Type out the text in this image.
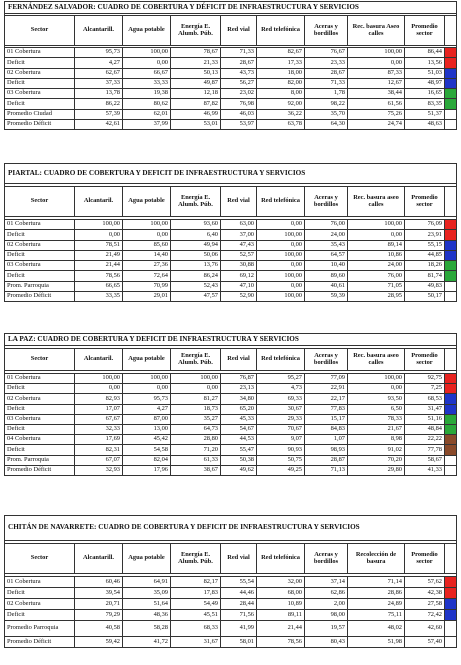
FERNÁNDEZ SALVADOR: CUADRO DE COBERTURA Y DÉFICIT DE INFRAESTRUCTURA Y SERVICIOS									

Sector	Alcantarill.	Agua potable	Energía E. Alumb. Púb.	Red vial	Red telefónica	Aceras y bordillos	Rec. basura Aseo calles	Promedio sector	

01 Cobertura	95,73	100,00	78,67	71,33	82,67	76,67	100,00	86,44	
Deficit	4,27	0,00	21,33	28,67	17,33	23,33	0,00	13,56	
02 Cobertura	62,67	66,67	50,13	43,73	18,00	28,67	87,33	51,03	
Deficit	37,33	33,33	49,87	56,27	82,00	71,33	12,67	48,97	
03 Cobertura	13,78	19,38	12,18	23,02	8,00	1,78	38,44	16,65	
Deficit	86,22	80,62	87,82	76,98	92,00	98,22	61,56	83,35	
Promedio Ciudad	57,39	62,01	46,99	46,03	36,22	35,70	75,26	51,37	
Promedio Déficit	42,61	37,99	53,01	53,97	63,78	64,30	24,74	48,63	
PIARTAL: CUADRO DE COBERTURA Y DEFICIT DE INFRAESTRUCTURA Y SERVICIOS									

Sector	Alcantaril.	Agua potable	Energía E. Alumb. Púb.	Red vial	Red telefónica	Aceras y bordillos	Rec. basura aseo calles	Promedio sector	

01 Cobertura	100,00	100,00	93,60	63,00	0,00	76,00	100,00	76,09	
Deficit	0,00	0,00	6,40	37,00	100,00	24,00	0,00	23,91	
02 Cobertura	78,51	85,60	49,94	47,43	0,00	35,43	89,14	55,15	
Deficit	21,49	14,40	50,06	52,57	100,00	64,57	10,86	44,85	
03 Cobertura	21,44	27,36	13,76	30,88	0,00	10,40	24,00	18,26	
Deficit	78,56	72,64	86,24	69,12	100,00	89,60	76,00	81,74	
Prom. Parroquia	66,65	70,99	52,43	47,10	0,00	40,61	71,05	49,83	
Promedio Déficit	33,35	29,01	47,57	52,90	100,00	59,39	28,95	50,17	
LA PAZ: CUADRO DE COBERTURA Y DEFICIT DE INFRAESTRUCTURA Y SERVICIOS									

Sector	Alcantaril.	Agua potable	Energía E. Alumb. Púb.	Red vial	Red telefónica	Aceras y bordillos	Rec. basura aseo calles	Promedio sector	

01 Cobertura	100,00	100,00	100,00	76,87	95,27	77,09	100,00	92,75	
Deficit	0,00	0,00	0,00	23,13	4,73	22,91	0,00	7,25	
02 Cobertura	82,93	95,73	81,27	34,80	69,33	22,17	93,50	68,53	
Deficit	17,07	4,27	18,73	65,20	30,67	77,83	6,50	31,47	
03 Cobertura	67,67	87,00	35,27	45,33	29,33	15,17	78,33	51,16	
Deficit	32,33	13,00	64,73	54,67	70,67	84,83	21,67	48,84	
04 Cobertura	17,69	45,42	28,80	44,53	9,07	1,07	8,98	22,22	
Deficit	82,31	54,58	71,20	55,47	90,93	98,93	91,02	77,78	
Prom. Parroquia	67,07	82,04	61,33	50,38	50,75	28,87	70,20	58,67	
Promedio Déficit	32,93	17,96	38,67	49,62	49,25	71,13	29,80	41,33	
CHITÁN DE NAVARRETE: CUADRO DE COBERTURA Y DEFICIT DE INFRAESTRUCTURA Y SERVICIOS									

Sector	Alcantarill.	Agua potable	Energía E. Alumb. Púb.	Red vial	Red telefónica	Aceras y bordillos	Recolección de basura	Promedio sector	

01 Cobertura	60,46	64,91	82,17	55,54	32,00	37,14	71,14	57,62	
Deficit	39,54	35,09	17,83	44,46	68,00	62,86	28,86	42,38	
02 Cobertura	20,71	51,64	54,49	28,44	10,89	2,00	24,89	27,58	
Deficit	79,29	48,36	45,51	71,56	89,11	98,00	75,11	72,42	
Promedio Parroquia	40,58	58,28	68,33	41,99	21,44	19,57	48,02	42,60	
Promedio Déficit	59,42	41,72	31,67	58,01	78,56	80,43	51,98	57,40	
